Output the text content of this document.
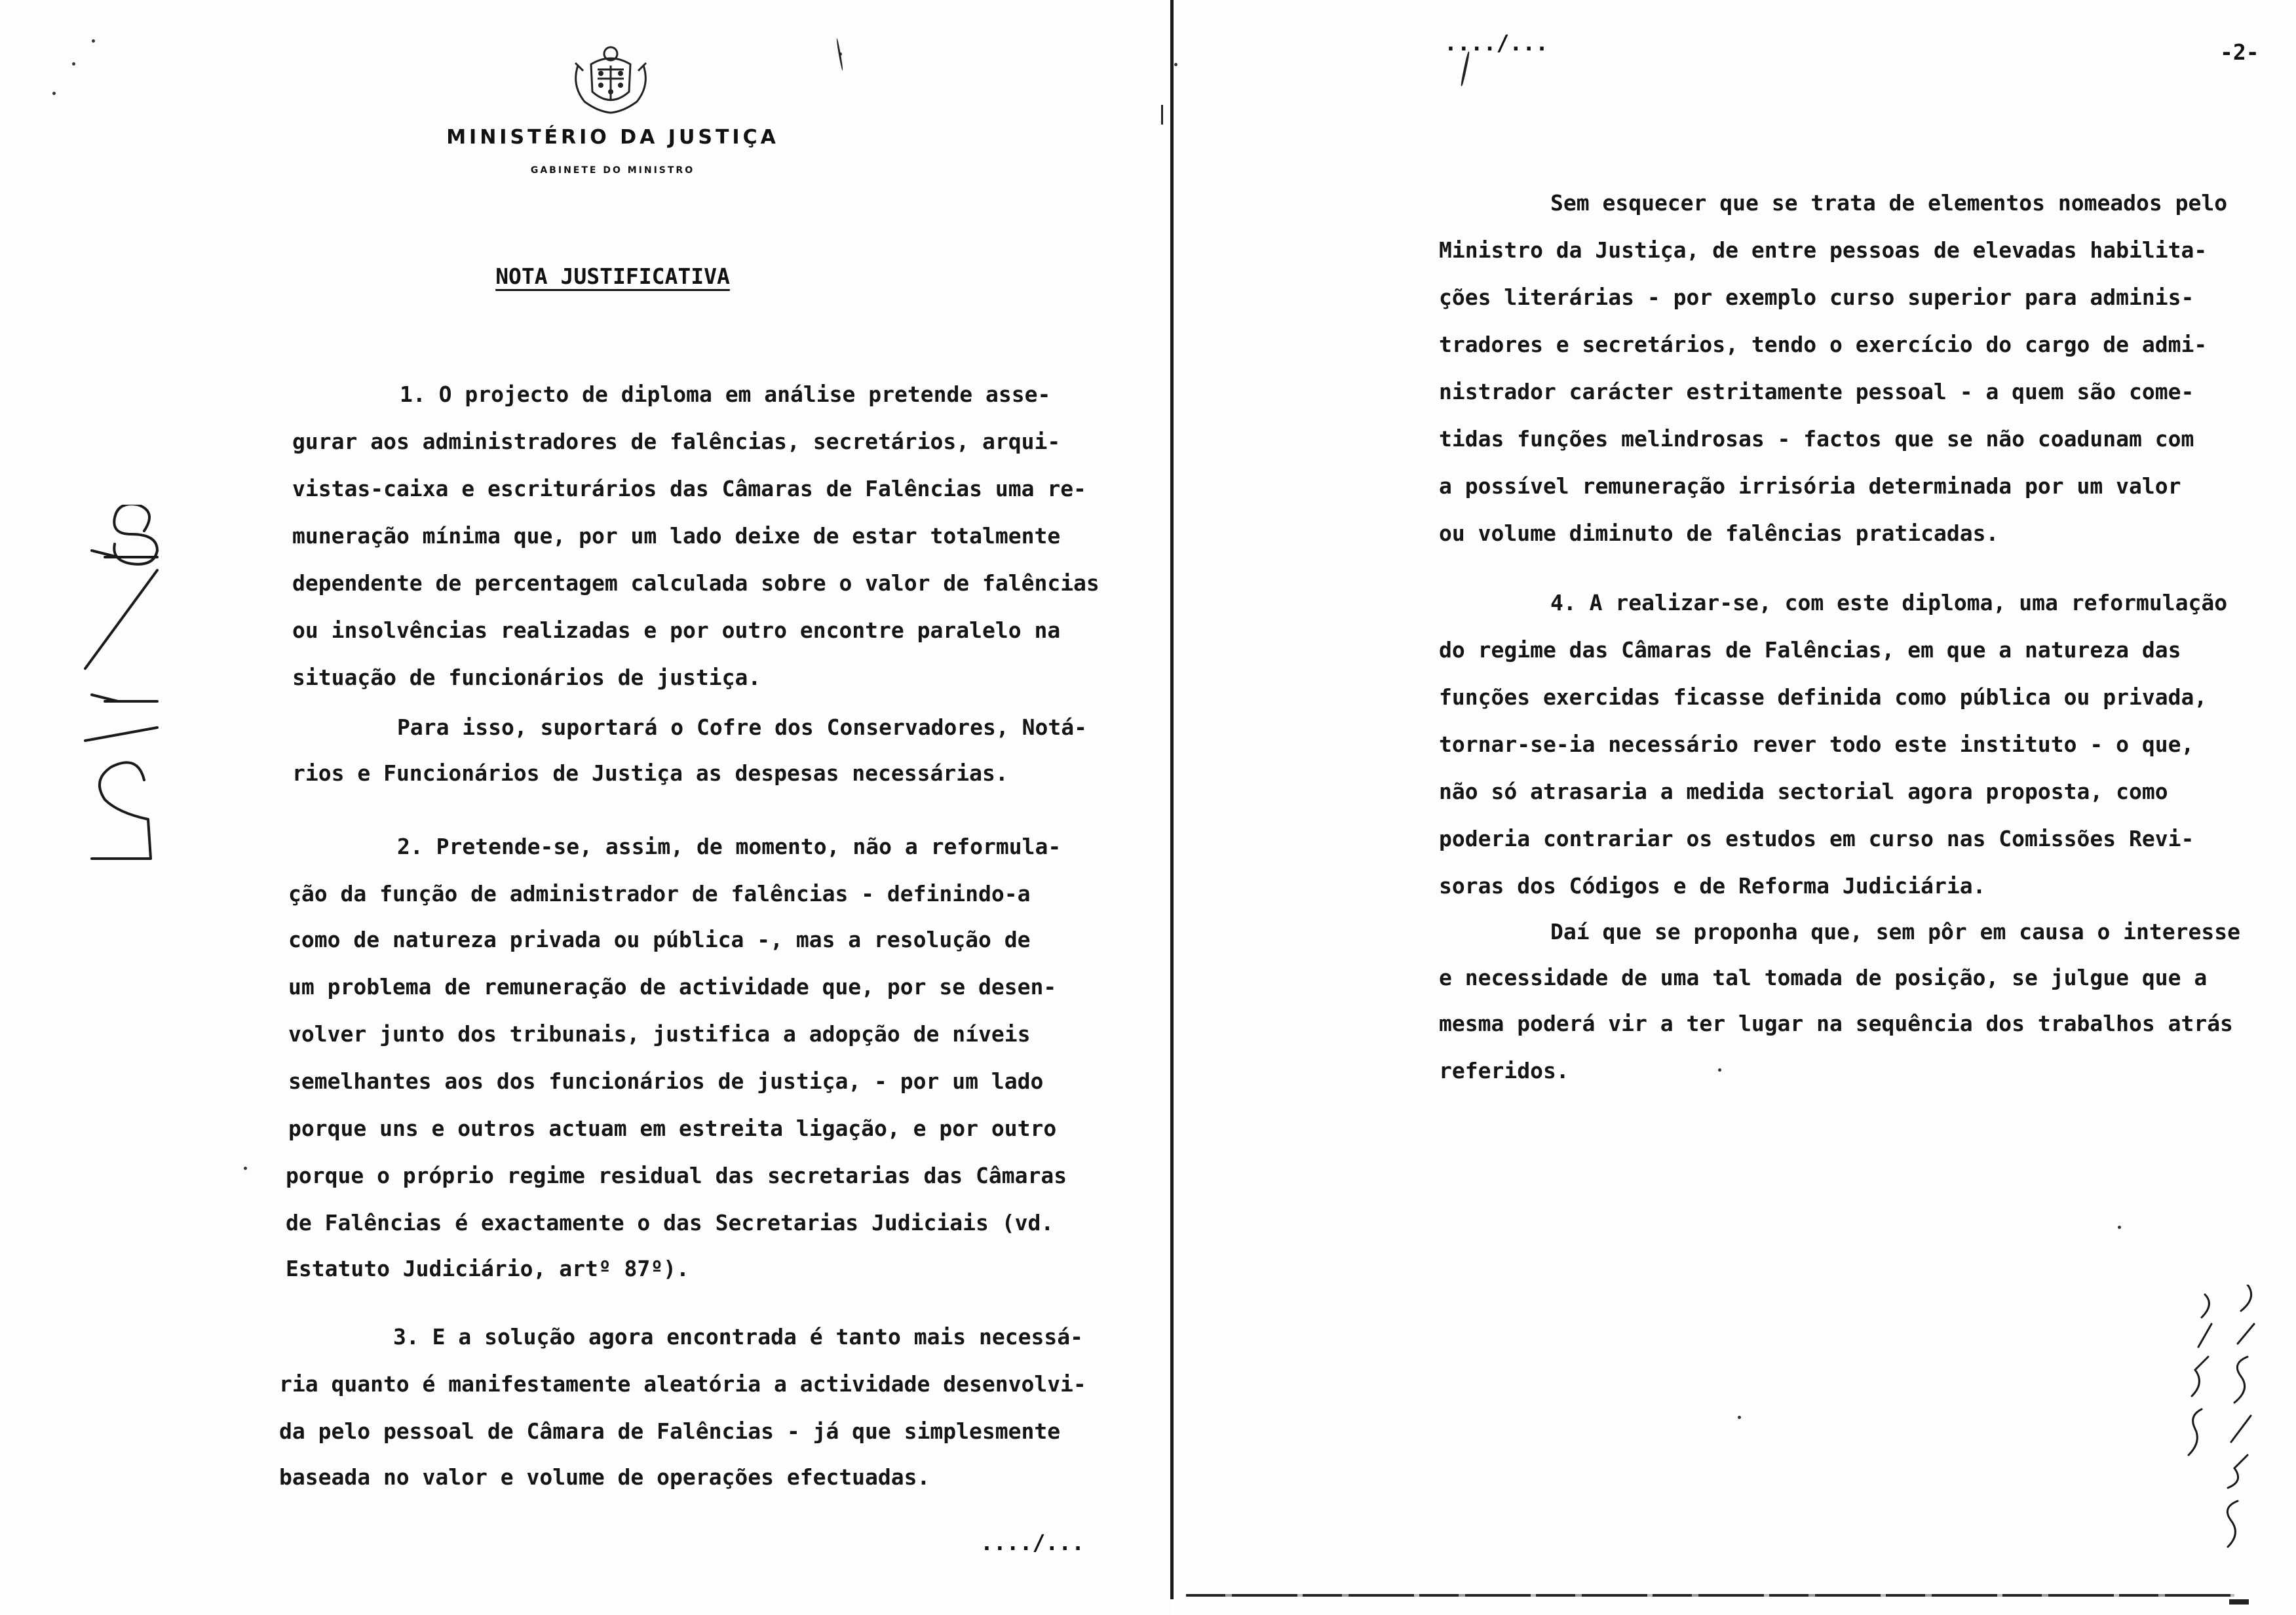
MINISTÉRIO DA JUSTIÇA
GABINETE DO MINISTRO
NOTA JUSTIFICATIVA
1. O projecto de diploma em análise pretende asse-
gurar aos administradores de falências, secretários, arqui-
vistas-caixa e escriturários das Câmaras de Falências uma re-
muneração mínima que, por um lado deixe de estar totalmente
dependente de percentagem calculada sobre o valor de falências
ou insolvências realizadas e por outro encontre paralelo na
situação de funcionários de justiça.
Para isso, suportará o Cofre dos Conservadores, Notá-
rios e Funcionários de Justiça as despesas necessárias.
2. Pretende-se, assim, de momento, não a reformula-
ção da função de administrador de falências - definindo-a
como de natureza privada ou pública -, mas a resolução de
um problema de remuneração de actividade que, por se desen-
volver junto dos tribunais, justifica a adopção de níveis
semelhantes aos dos funcionários de justiça, - por um lado
porque uns e outros actuam em estreita ligação, e por outro
porque o próprio regime residual das secretarias das Câmaras
de Falências é exactamente o das Secretarias Judiciais (vd.
Estatuto Judiciário, artº 87º).
3. E a solução agora encontrada é tanto mais necessá-
ria quanto é manifestamente aleatória a actividade desenvolvi-
da pelo pessoal de Câmara de Falências - já que simplesmente
baseada no valor e volume de operações efectuadas.
..../...
..../...	-2-
Sem esquecer que se trata de elementos nomeados pelo
Ministro da Justiça, de entre pessoas de elevadas habilita-
ções literárias - por exemplo curso superior para adminis-
tradores e secretários, tendo o exercício do cargo de admi-
nistrador carácter estritamente pessoal - a quem são come-
tidas funções melindrosas - factos que se não coadunam com
a possível remuneração irrisória determinada por um valor
ou volume diminuto de falências praticadas.
4. A realizar-se, com este diploma, uma reformulação
do regime das Câmaras de Falências, em que a natureza das
funções exercidas ficasse definida como pública ou privada,
tornar-se-ia necessário rever todo este instituto - o que,
não só atrasaria a medida sectorial agora proposta, como
poderia contrariar os estudos em curso nas Comissões Revi-
soras dos Códigos e de Reforma Judiciária.
Daí que se proponha que, sem pôr em causa o interesse
e necessidade de uma tal tomada de posição, se julgue que a
mesma poderá vir a ter lugar na sequência dos trabalhos atrás
referidos.
